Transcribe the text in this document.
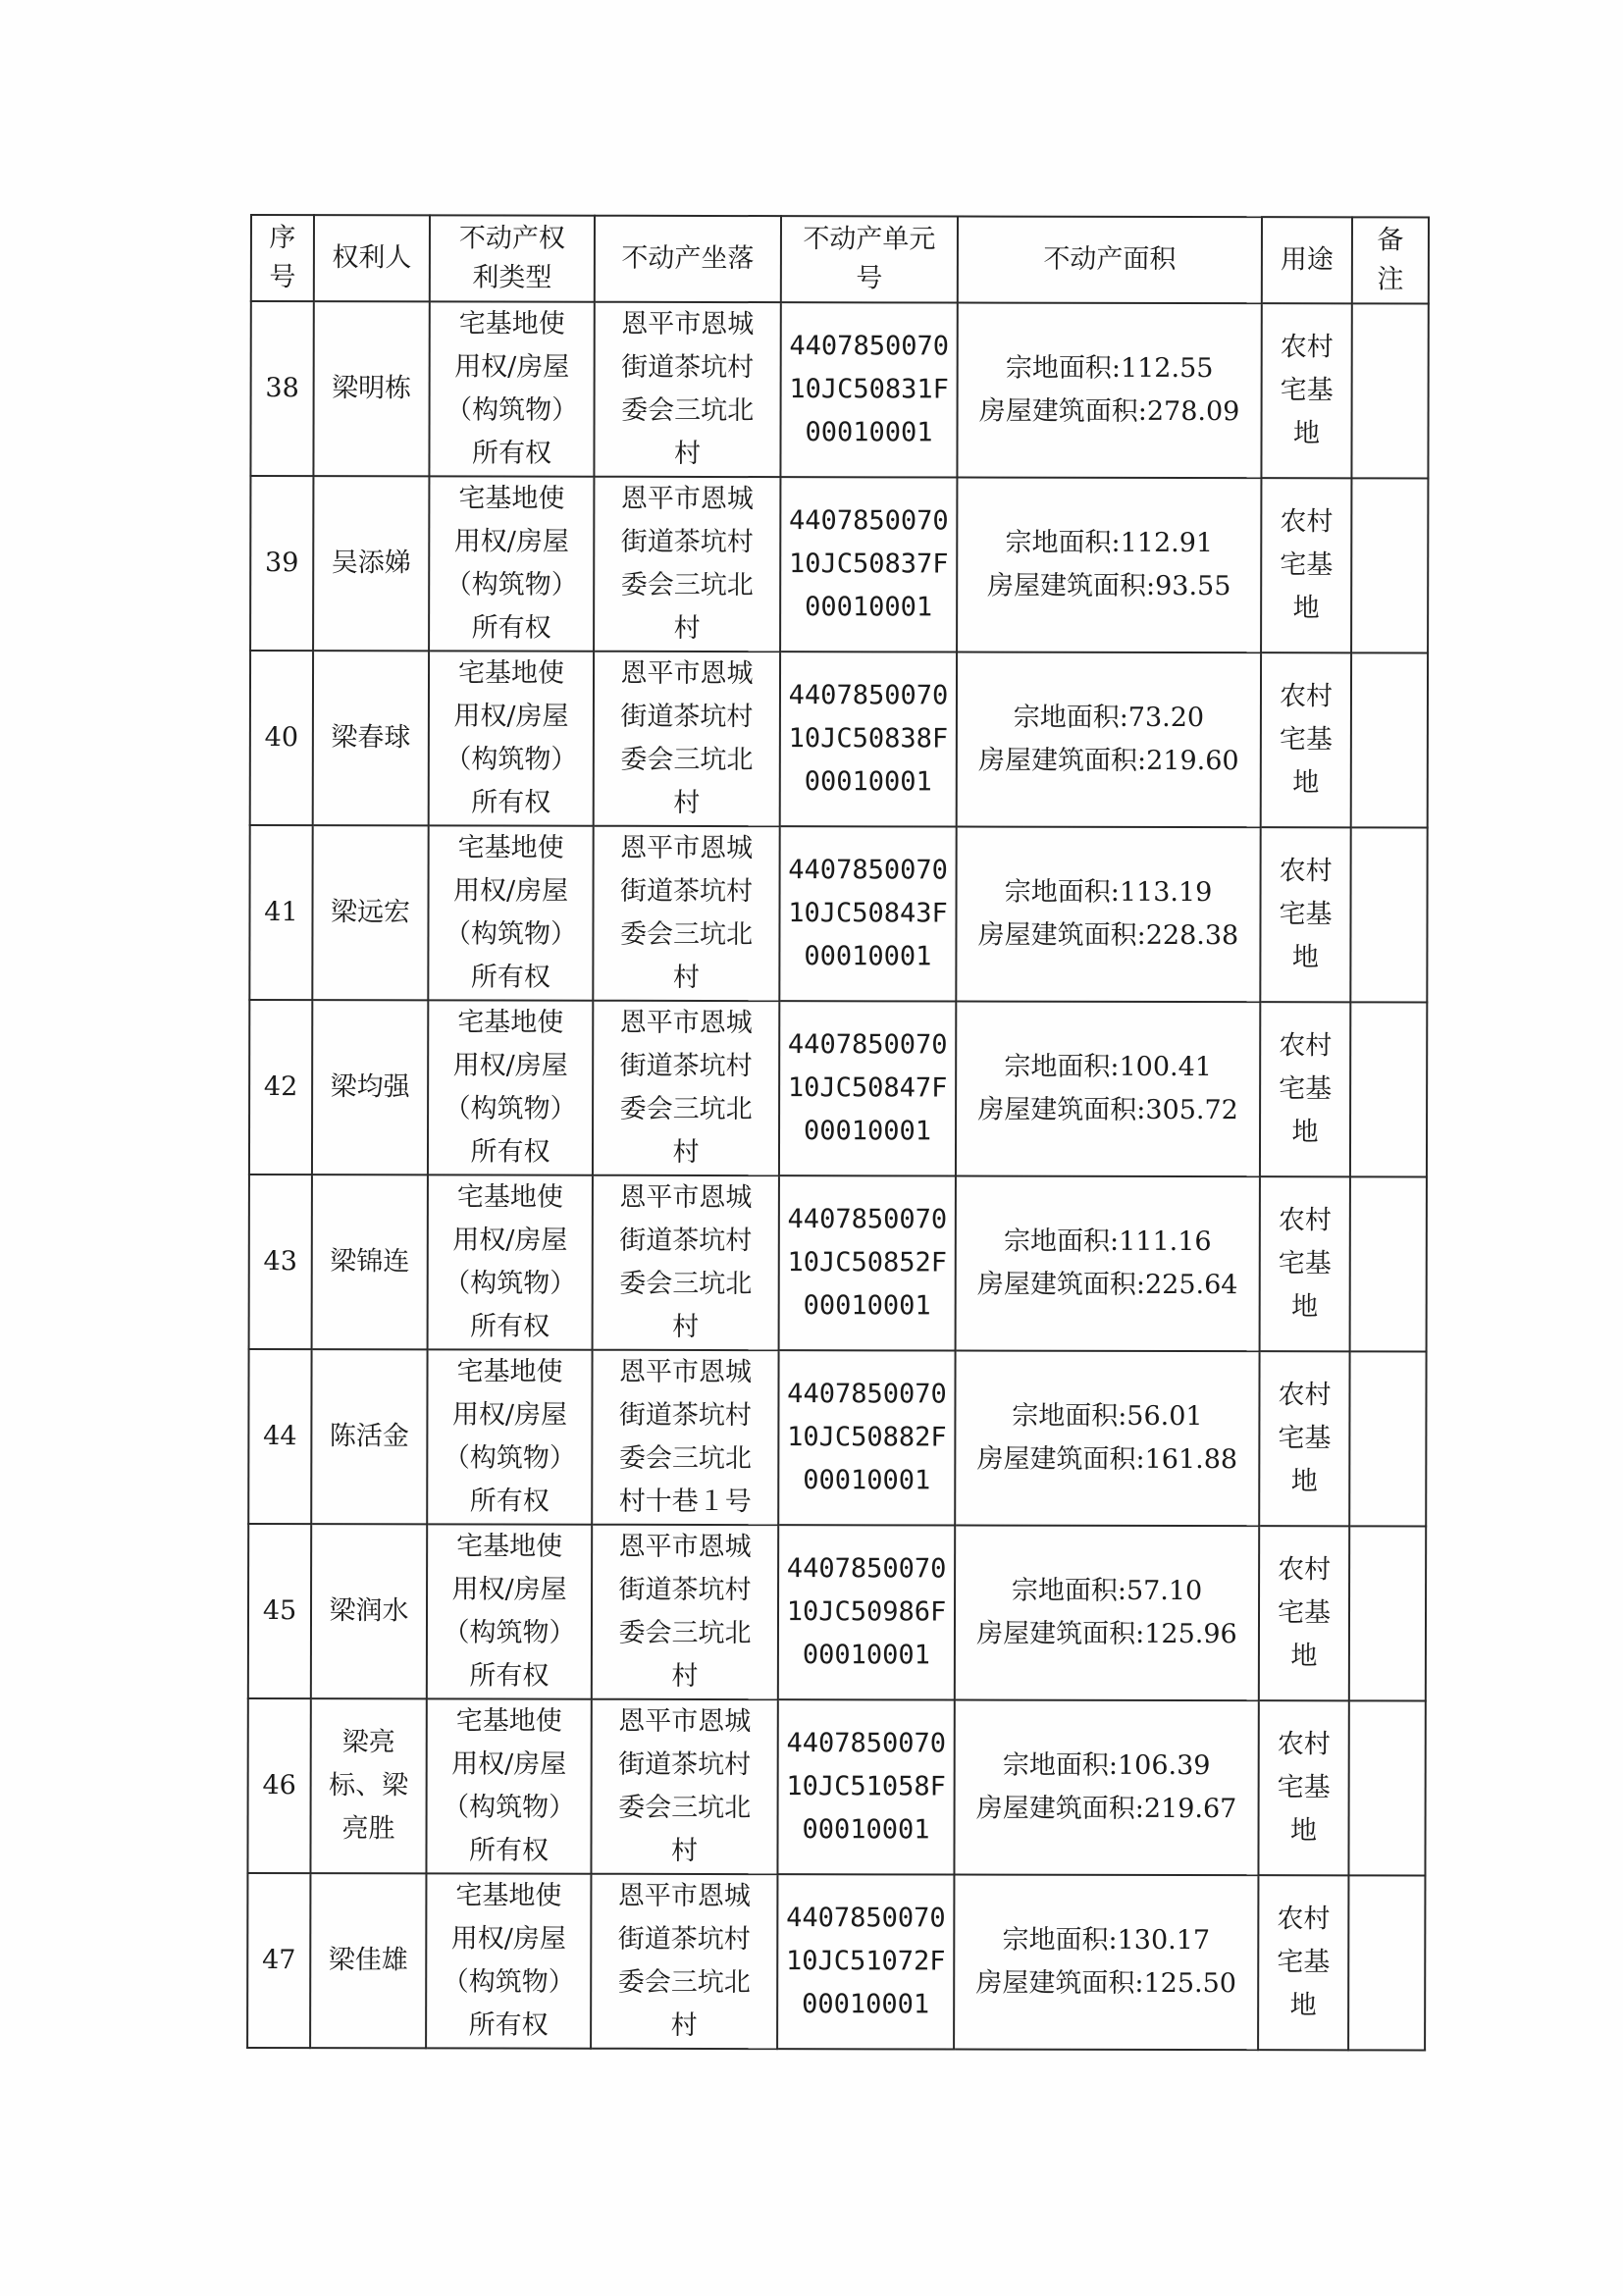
序
号	权利人	不动产权
利类型	不动产坐落	不动产单元
号	不动产面积	用途	备
注
38	梁明栋	宅基地使
用权/房屋
（构筑物）
所有权	恩平市恩城
街道茶坑村
委会三坑北
村	4407850070
10JC50831F
00010001	宗地面积:112.55
房屋建筑面积:278.09	农村
宅基
地	
39	吴添娣	宅基地使
用权/房屋
（构筑物）
所有权	恩平市恩城
街道茶坑村
委会三坑北
村	4407850070
10JC50837F
00010001	宗地面积:112.91
房屋建筑面积:93.55	农村
宅基
地	
40	梁春球	宅基地使
用权/房屋
（构筑物）
所有权	恩平市恩城
街道茶坑村
委会三坑北
村	4407850070
10JC50838F
00010001	宗地面积:73.20
房屋建筑面积:219.60	农村
宅基
地	
41	梁远宏	宅基地使
用权/房屋
（构筑物）
所有权	恩平市恩城
街道茶坑村
委会三坑北
村	4407850070
10JC50843F
00010001	宗地面积:113.19
房屋建筑面积:228.38	农村
宅基
地	
42	梁均强	宅基地使
用权/房屋
（构筑物）
所有权	恩平市恩城
街道茶坑村
委会三坑北
村	4407850070
10JC50847F
00010001	宗地面积:100.41
房屋建筑面积:305.72	农村
宅基
地	
43	梁锦连	宅基地使
用权/房屋
（构筑物）
所有权	恩平市恩城
街道茶坑村
委会三坑北
村	4407850070
10JC50852F
00010001	宗地面积:111.16
房屋建筑面积:225.64	农村
宅基
地	
44	陈活金	宅基地使
用权/房屋
（构筑物）
所有权	恩平市恩城
街道茶坑村
委会三坑北
村十巷１号	4407850070
10JC50882F
00010001	宗地面积:56.01
房屋建筑面积:161.88	农村
宅基
地	
45	梁润水	宅基地使
用权/房屋
（构筑物）
所有权	恩平市恩城
街道茶坑村
委会三坑北
村	4407850070
10JC50986F
00010001	宗地面积:57.10
房屋建筑面积:125.96	农村
宅基
地	
46	梁亮
标、梁
亮胜	宅基地使
用权/房屋
（构筑物）
所有权	恩平市恩城
街道茶坑村
委会三坑北
村	4407850070
10JC51058F
00010001	宗地面积:106.39
房屋建筑面积:219.67	农村
宅基
地	
47	梁佳雄	宅基地使
用权/房屋
（构筑物）
所有权	恩平市恩城
街道茶坑村
委会三坑北
村	4407850070
10JC51072F
00010001	宗地面积:130.17
房屋建筑面积:125.50	农村
宅基
地	
